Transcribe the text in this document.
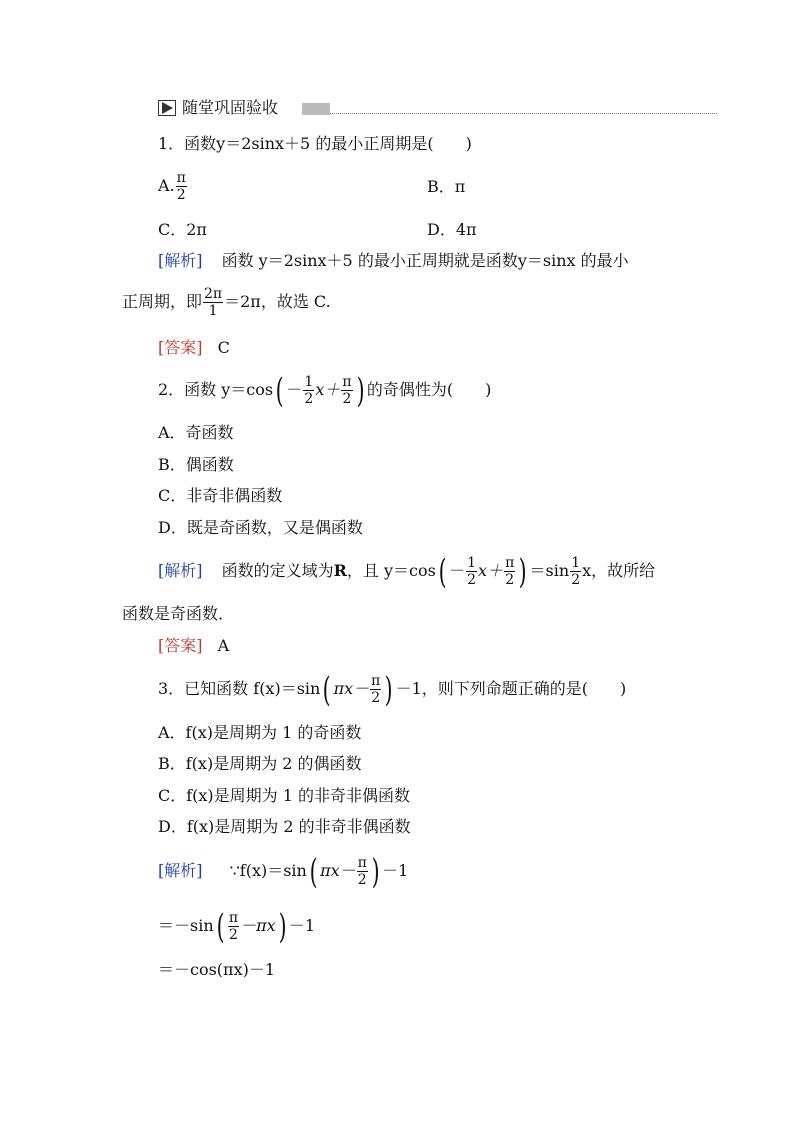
随堂巩固验收
1．函数y＝2sinx＋5 的最小正周期是(　　)
A. $\frac{\pi}{2}$	B．π
C．2π	D．4π
[解析] 函数 y＝2sinx＋5 的最小正周期就是函数y＝sinx 的最小
正周期，即 $\frac{2\pi}{1} =2\pi$，故选 C.
[答案] C
2．函数 $y=\cos( - \frac{1}{2} x+ \frac{\pi}{2}$ ) 的奇偶性为(　　)
A．奇函数
B．偶函数
C．非奇非偶函数
D．既是奇函数，又是偶函数
[解析] 函数的定义域为R，且 $y=\cos( - \frac{1}{2} x+ \frac{\pi}{2}$ ) $=\sin \frac{1}{2}$ x，故所给
函数是奇函数．
[答案] A
3．已知函数 f(x)＝sin( $\pi x- \frac{\pi}{2}$ ) －1，则下列命题正确的是(　　)
A．f(x)是周期为 1 的奇函数
B．f(x)是周期为 2 的偶函数
C．f(x)是周期为 1 的非奇非偶函数
D．f(x)是周期为 2 的非奇非偶函数
[解析] ∵f(x)＝sin( $\pi x- \frac{\pi}{2}$ ) －1
$=-\sin( \frac{\pi}{2} -\pi x) -1$
＝－cos(πx)－1
